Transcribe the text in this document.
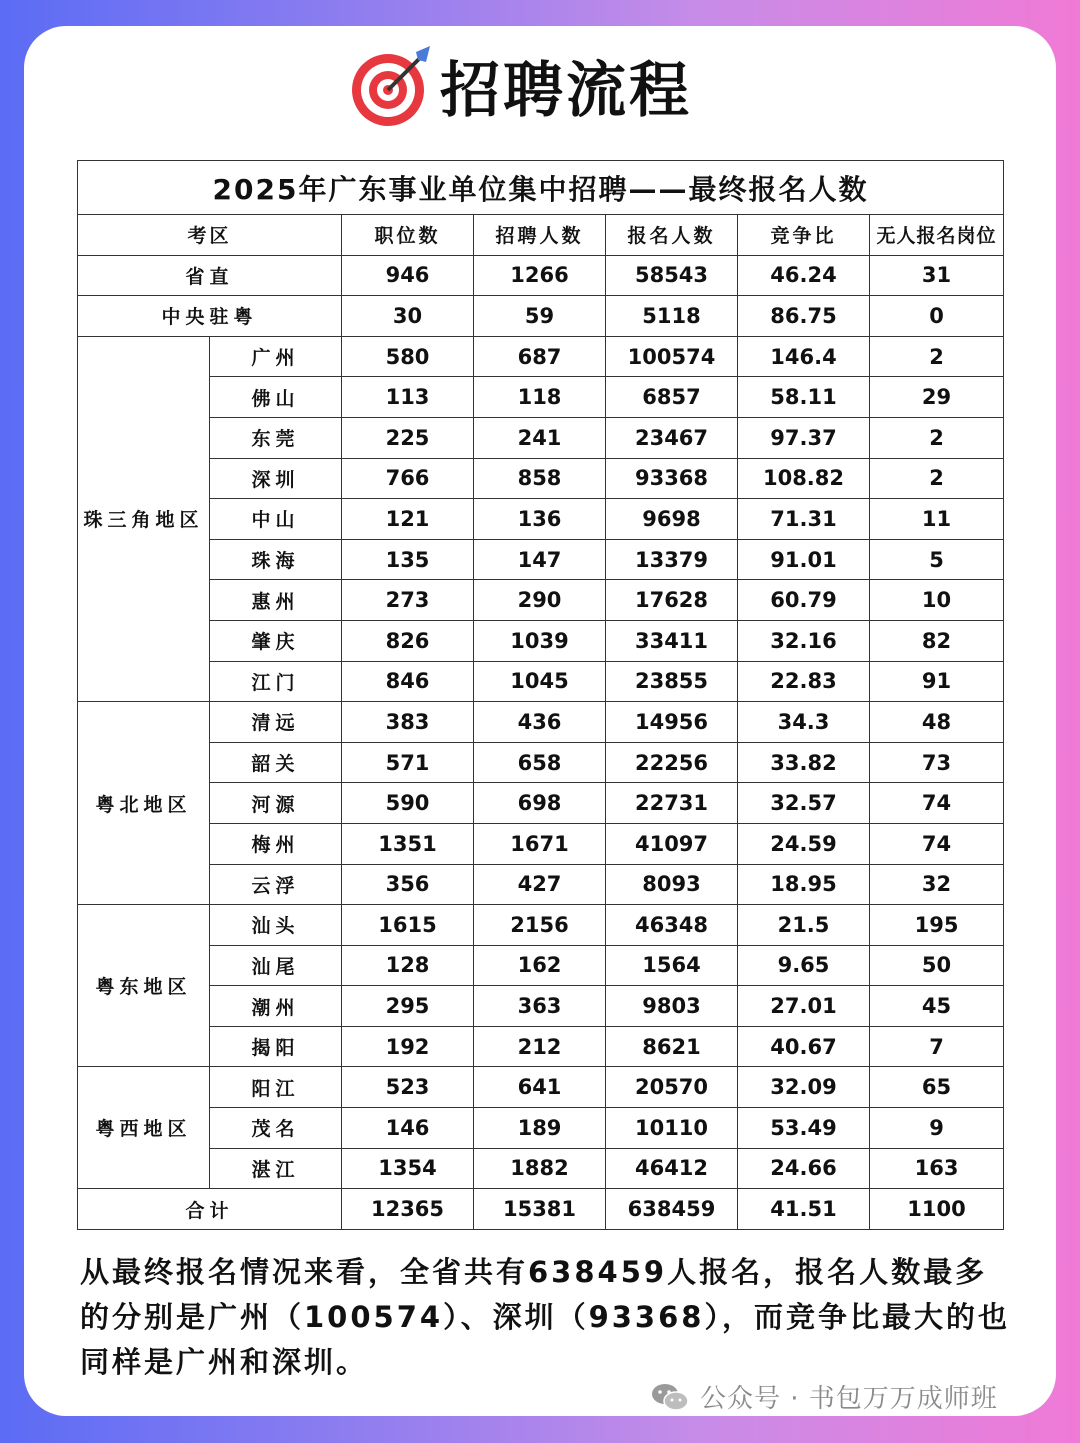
招聘流程
2025年广东事业单位集中招聘——最终报名人数						
考区		职位数	招聘人数	报名人数	竞争比	无人报名岗位
省直		946	1266	58543	46.24	31
中央驻粤		30	59	5118	86.75	0
珠三角地区	广州	580	687	100574	146.4	2
	佛山	113	118	6857	58.11	29
	东莞	225	241	23467	97.37	2
	深圳	766	858	93368	108.82	2
	中山	121	136	9698	71.31	11
	珠海	135	147	13379	91.01	5
	惠州	273	290	17628	60.79	10
	肇庆	826	1039	33411	32.16	82
	江门	846	1045	23855	22.83	91
粤北地区	清远	383	436	14956	34.3	48
	韶关	571	658	22256	33.82	73
	河源	590	698	22731	32.57	74
	梅州	1351	1671	41097	24.59	74
	云浮	356	427	8093	18.95	32
粤东地区	汕头	1615	2156	46348	21.5	195
	汕尾	128	162	1564	9.65	50
	潮州	295	363	9803	27.01	45
	揭阳	192	212	8621	40.67	7
粤西地区	阳江	523	641	20570	32.09	65
	茂名	146	189	10110	53.49	9
	湛江	1354	1882	46412	24.66	163
合计		12365	15381	638459	41.51	1100
从最终报名情况来看，全省共有638459人报名，报名人数最多的分别是广州（100574）、深圳（93368），而竞争比最大的也同样是广州和深圳。
公众号 · 书包万万成师班
